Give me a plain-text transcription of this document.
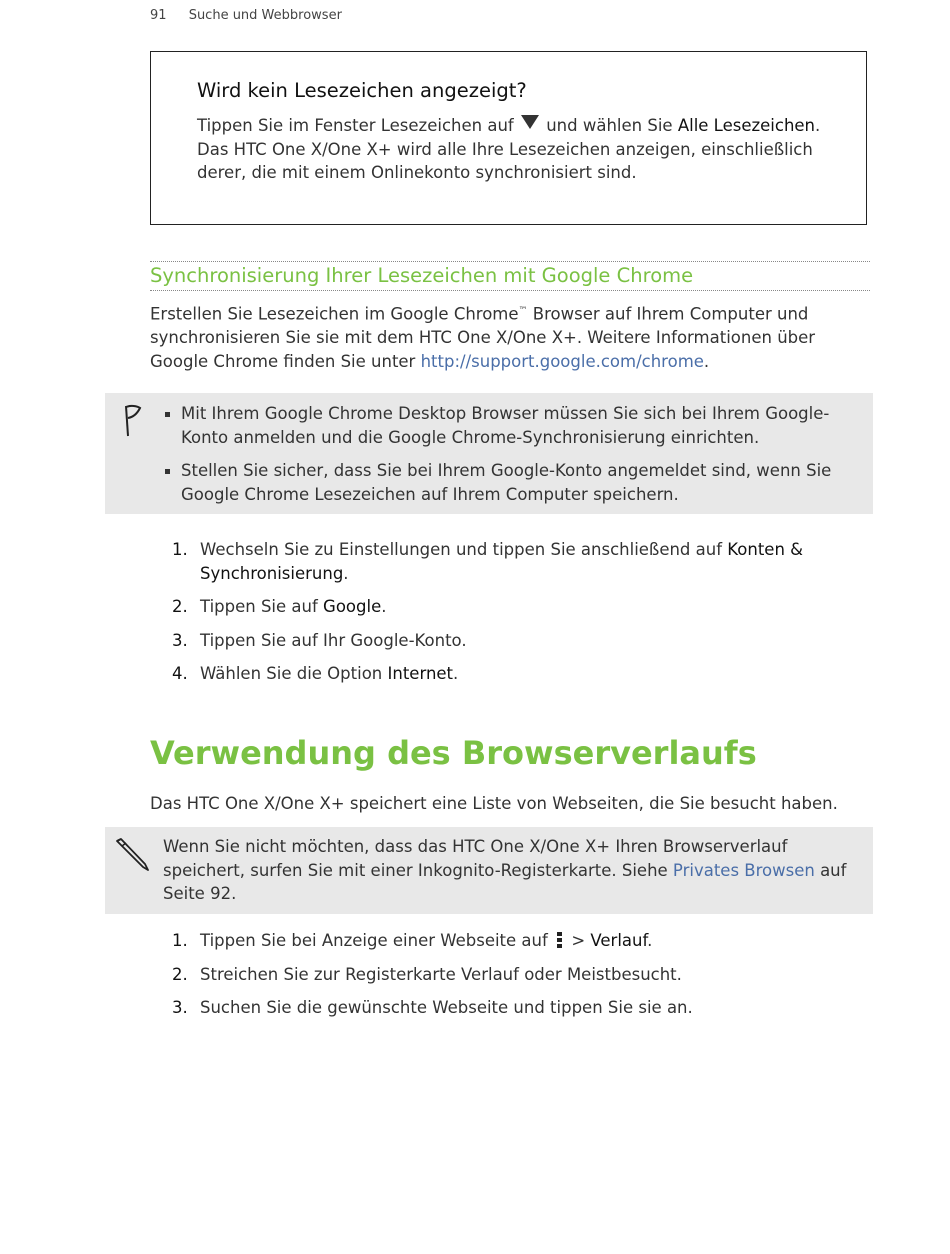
91 Suche und Webbrowser
Wird kein Lesezeichen angezeigt?

Tippen Sie im Fenster Lesezeichen auf und wählen Sie Alle Lesezeichen. Das HTC One X/One X+ wird alle Ihre Lesezeichen anzeigen, einschließlich derer, die mit einem Onlinekonto synchronisiert sind.

Synchronisierung Ihrer Lesezeichen mit Google Chrome

Erstellen Sie Lesezeichen im Google Chrome™ Browser auf Ihrem Computer und synchronisieren Sie sie mit dem HTC One X/One X+. Weitere Informationen über Google Chrome finden Sie unter http://support.google.com/chrome.

Mit Ihrem Google Chrome Desktop Browser müssen Sie sich bei Ihrem Google-Konto anmelden und die Google Chrome-Synchronisierung einrichten.
Stellen Sie sicher, dass Sie bei Ihrem Google-Konto angemeldet sind, wenn Sie Google Chrome Lesezeichen auf Ihrem Computer speichern.
1. Wechseln Sie zu Einstellungen und tippen Sie anschließend auf Konten & Synchronisierung.
2. Tippen Sie auf Google.
3. Tippen Sie auf Ihr Google-Konto.
4. Wählen Sie die Option Internet.
Verwendung des Browserverlaufs

Das HTC One X/One X+ speichert eine Liste von Webseiten, die Sie besucht haben.

Wenn Sie nicht möchten, dass das HTC One X/One X+ Ihren Browserverlauf speichert, surfen Sie mit einer Inkognito-Registerkarte. Siehe Privates Browsen auf Seite 92.

1. Tippen Sie bei Anzeige einer Webseite auf > Verlauf.
2. Streichen Sie zur Registerkarte Verlauf oder Meistbesucht.
3. Suchen Sie die gewünschte Webseite und tippen Sie sie an.
